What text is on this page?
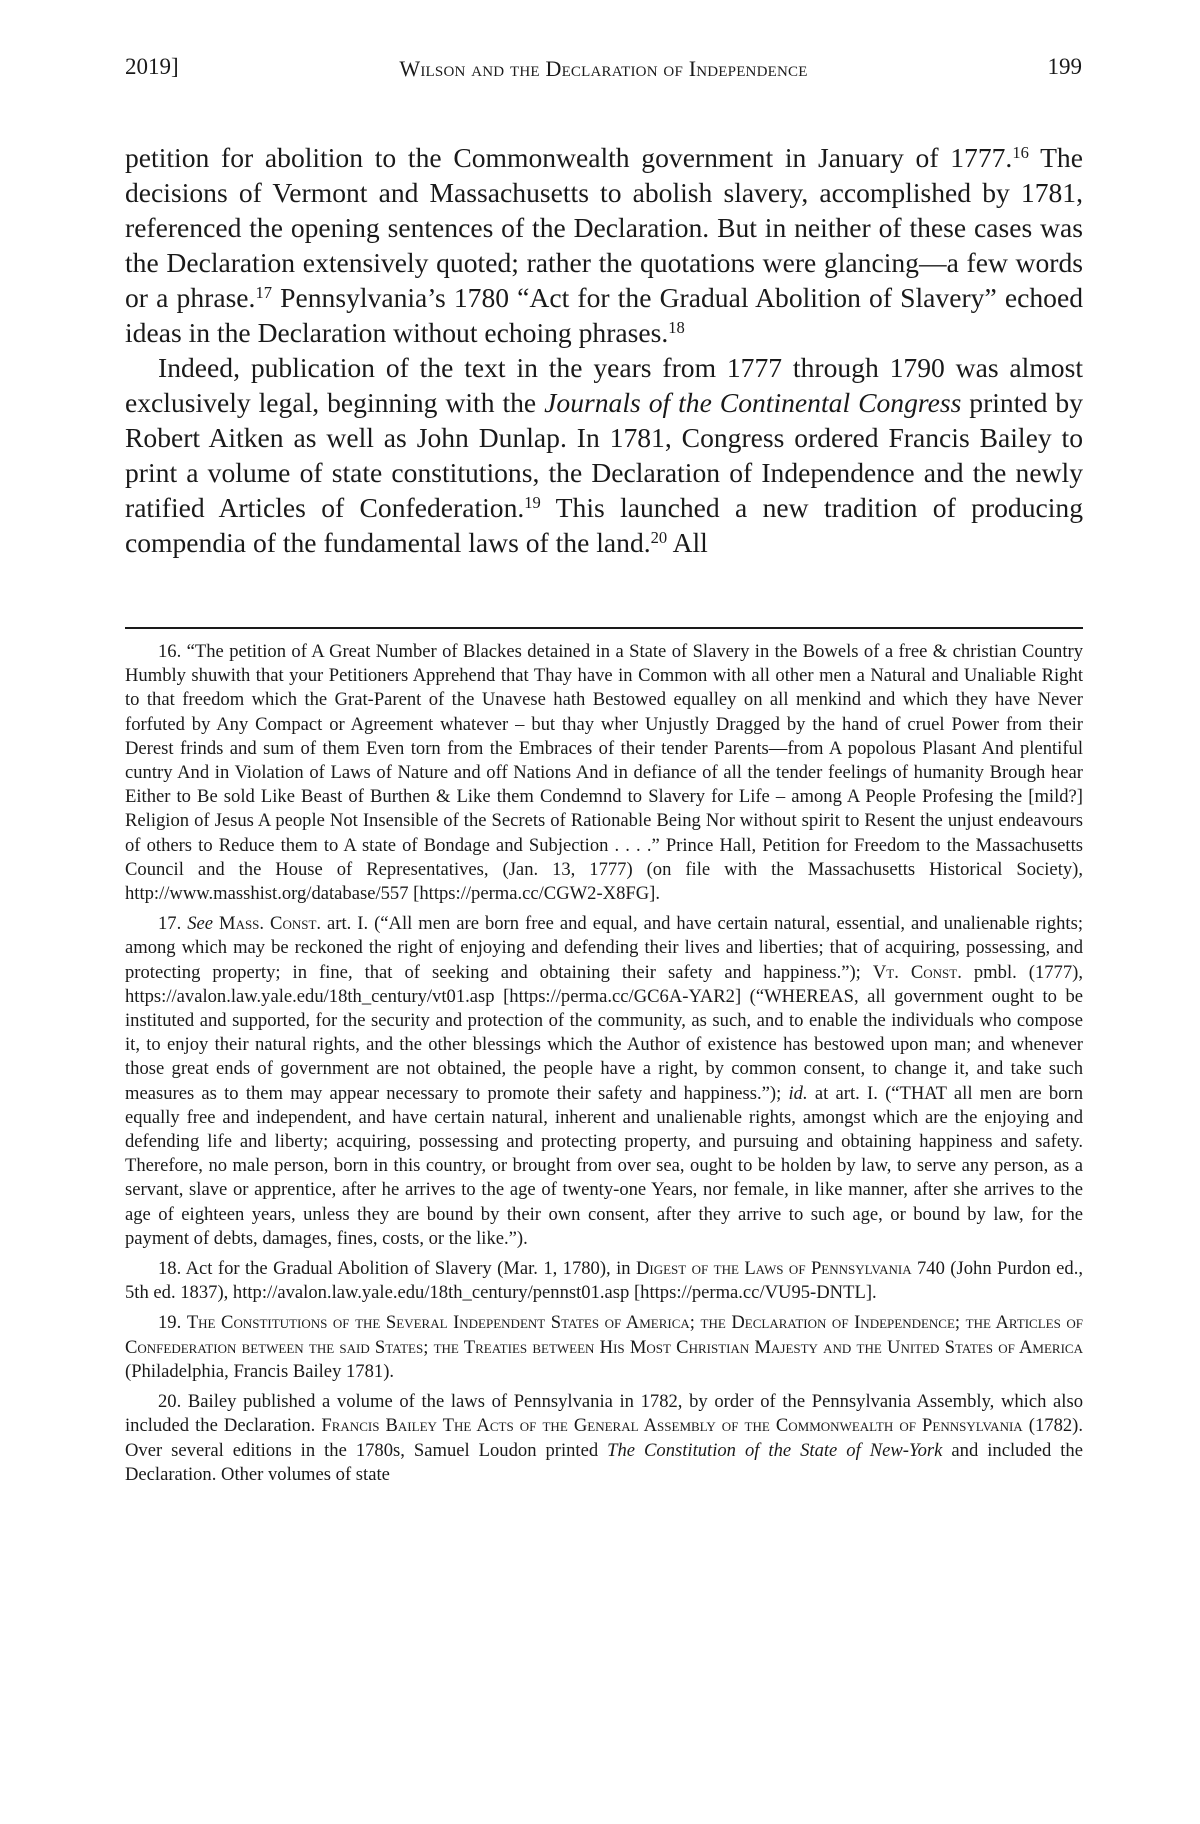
2019]	Wilson and the Declaration of Independence	199

petition for abolition to the Commonwealth government in January of 1777.16 The decisions of Vermont and Massachusetts to abolish slavery, accomplished by 1781, referenced the opening sentences of the Declaration. But in neither of these cases was the Declaration extensively quoted; rather the quotations were glancing—a few words or a phrase.$^{17}$ Pennsylvania’s 1780 “Act for the Gradual Abolition of Slavery” echoed ideas in the Declaration without echoing phrases.$^{18}$

Indeed, publication of the text in the years from 1777 through 1790 was almost exclusively legal, beginning with the Journals of the Continental Congress printed by Robert Aitken as well as John Dunlap. In 1781, Congress ordered Francis Bailey to print a volume of state constitutions, the Declaration of Independence and the newly ratified Articles of Confederation.$^{19}$ This launched a new tradition of producing compendia of the fundamental laws of the land.$^{20}$ All

16. “The petition of A Great Number of Blackes detained in a State of Slavery in the Bowels of a free & christian Country Humbly shuwith that your Petitioners Apprehend that Thay have in Common with all other men a Natural and Unaliable Right to that freedom which the Grat-Parent of the Unavese hath Bestowed equalley on all menkind and which they have Never forfuted by Any Compact or Agreement whatever – but thay wher Unjustly Dragged by the hand of cruel Power from their Derest frinds and sum of them Even torn from the Embraces of their tender Parents—from A popolous Plasant And plentiful cuntry And in Violation of Laws of Nature and off Nations And in defiance of all the tender feelings of humanity Brough hear Either to Be sold Like Beast of Burthen & Like them Condemnd to Slavery for Life – among A People Profesing the [mild?] Religion of Jesus A people Not Insensible of the Secrets of Rationable Being Nor without spirit to Resent the unjust endeavours of others to Reduce them to A state of Bondage and Subjection . . . .” Prince Hall, Petition for Freedom to the Massachusetts Council and the House of Representatives, (Jan. 13, 1777) (on file with the Massachusetts Historical Society), http://www.masshist.org/database/557 [https://perma.cc/CGW2-X8FG].

17. See Mass. Const. art. I. (“All men are born free and equal, and have certain natural, essential, and unalienable rights; among which may be reckoned the right of enjoying and defending their lives and liberties; that of acquiring, possessing, and protecting property; in fine, that of seeking and obtaining their safety and happiness.”); Vt. Const. pmbl. (1777), https://avalon.law.yale.edu/18th_century/vt01.asp [https://perma.cc/GC6A-YAR2] (“WHEREAS, all government ought to be instituted and supported, for the security and protection of the community, as such, and to enable the individuals who compose it, to enjoy their natural rights, and the other blessings which the Author of existence has bestowed upon man; and whenever those great ends of government are not obtained, the people have a right, by common consent, to change it, and take such measures as to them may appear necessary to promote their safety and happiness.”); id. at art. I. (“THAT all men are born equally free and independent, and have certain natural, inherent and unalienable rights, amongst which are the enjoying and defending life and liberty; acquiring, possessing and protecting property, and pursuing and obtaining happiness and safety. Therefore, no male person, born in this country, or brought from over sea, ought to be holden by law, to serve any person, as a servant, slave or apprentice, after he arrives to the age of twenty-one Years, nor female, in like manner, after she arrives to the age of eighteen years, unless they are bound by their own consent, after they arrive to such age, or bound by law, for the payment of debts, damages, fines, costs, or the like.”).

18. Act for the Gradual Abolition of Slavery (Mar. 1, 1780), in Digest of the Laws of Pennsylvania 740 (John Purdon ed., 5th ed. 1837), http://avalon.law.yale.edu/18th_century/pennst01.asp [https://perma.cc/VU95-DNTL].

19. The Constitutions of the Several Independent States of America; the Declaration of Independence; the Articles of Confederation between the said States; the Treaties between His Most Christian Majesty and the United States of America (Philadelphia, Francis Bailey 1781).

20. Bailey published a volume of the laws of Pennsylvania in 1782, by order of the Pennsylvania Assembly, which also included the Declaration. Francis Bailey The Acts of the General Assembly of the Commonwealth of Pennsylvania (1782). Over several editions in the 1780s, Samuel Loudon printed The Constitution of the State of New-York and included the Declaration. Other volumes of state
